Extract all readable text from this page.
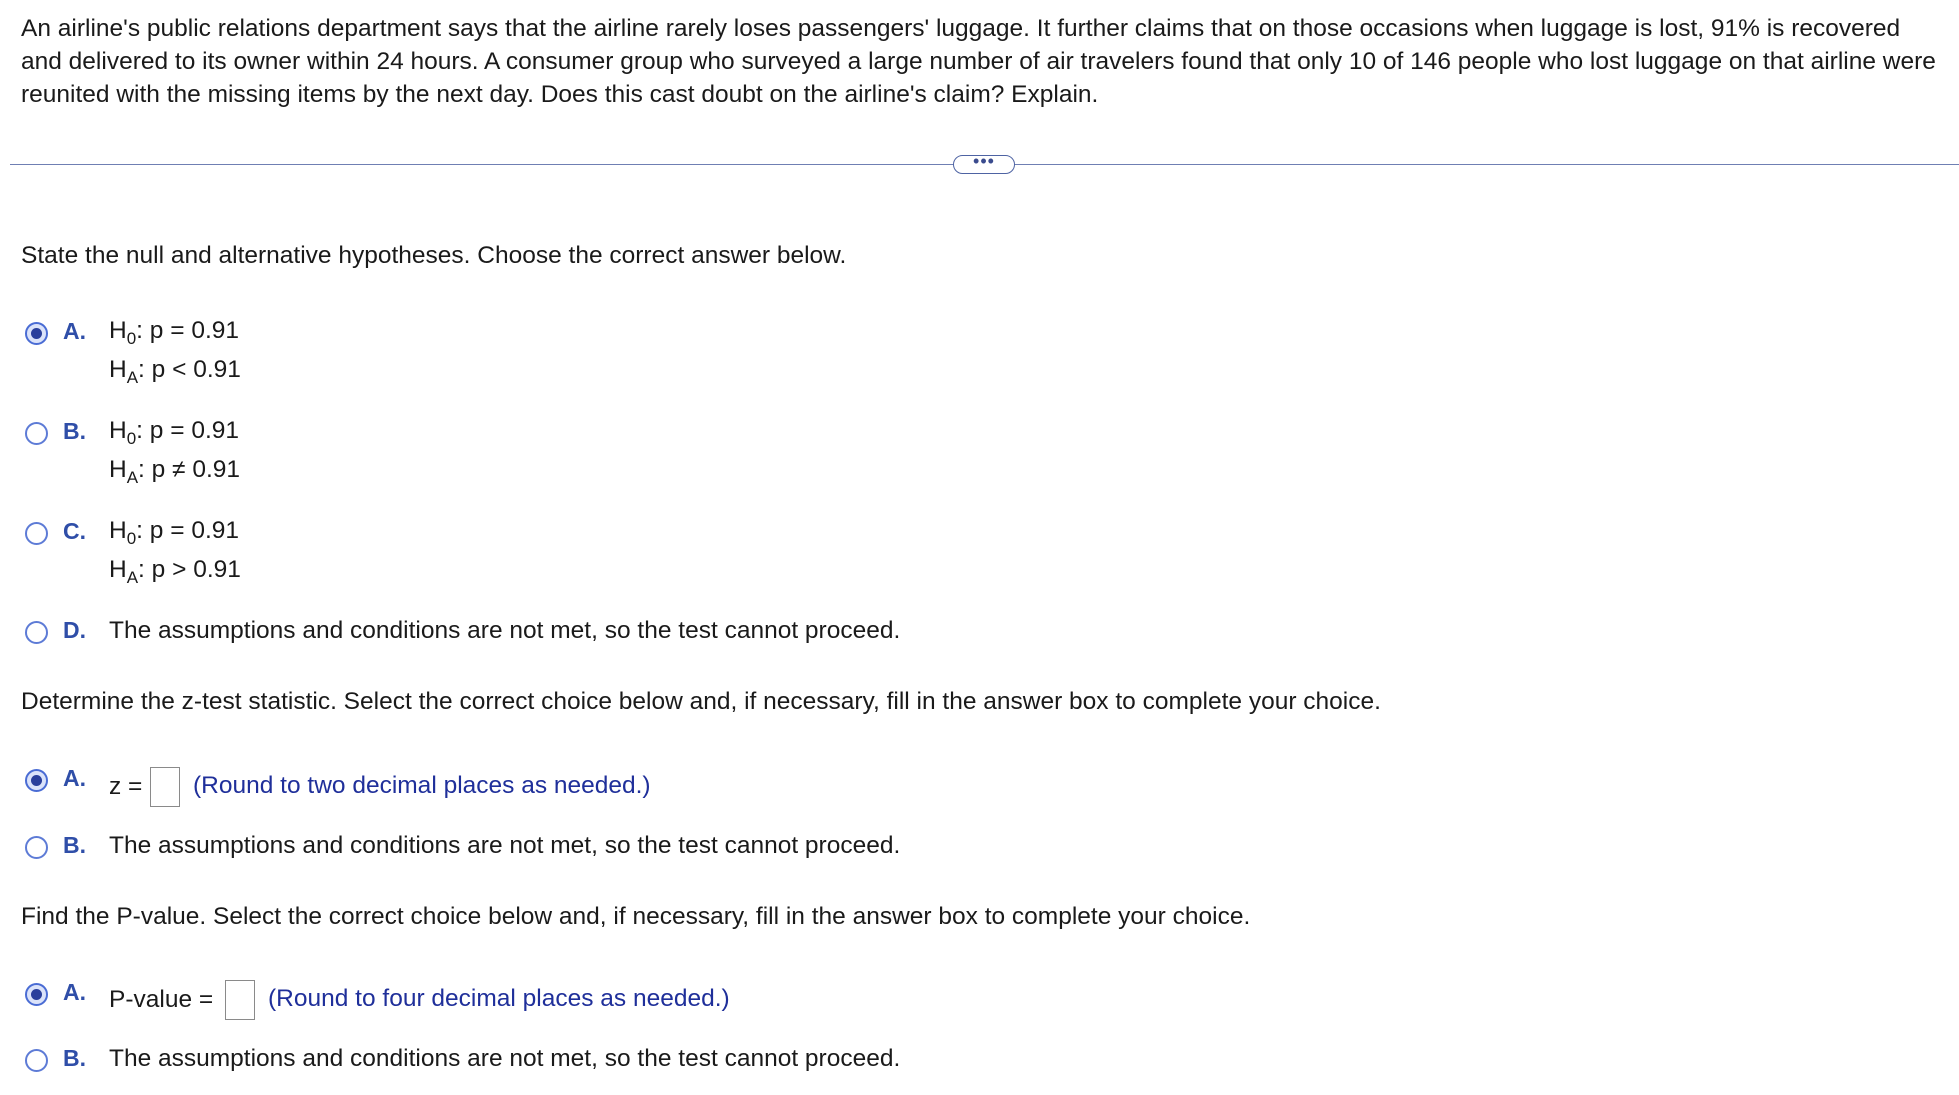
An airline's public relations department says that the airline rarely loses passengers' luggage. It further claims that on those occasions when luggage is lost, 91% is recovered and delivered to its owner within 24 hours. A consumer group who surveyed a large number of air travelers found that only 10 of 146 people who lost luggage on that airline were reunited with the missing items by the next day. Does this cast doubt on the airline's claim? Explain.
•••
State the null and alternative hypotheses. Choose the correct answer below.
A. $H_0$: p = 0.91
$H_A$: p < 0.91
B. $H_0$: p = 0.91
$H_A$: p ≠ 0.91
C. $H_0$: p = 0.91
$H_A$: p > 0.91
D. The assumptions and conditions are not met, so the test cannot proceed.
Determine the z-test statistic. Select the correct choice below and, if necessary, fill in the answer box to complete your choice.
A. z = (Round to two decimal places as needed.)
B. The assumptions and conditions are not met, so the test cannot proceed.
Find the P-value. Select the correct choice below and, if necessary, fill in the answer box to complete your choice.
A. P-value = (Round to four decimal places as needed.)
B. The assumptions and conditions are not met, so the test cannot proceed.
